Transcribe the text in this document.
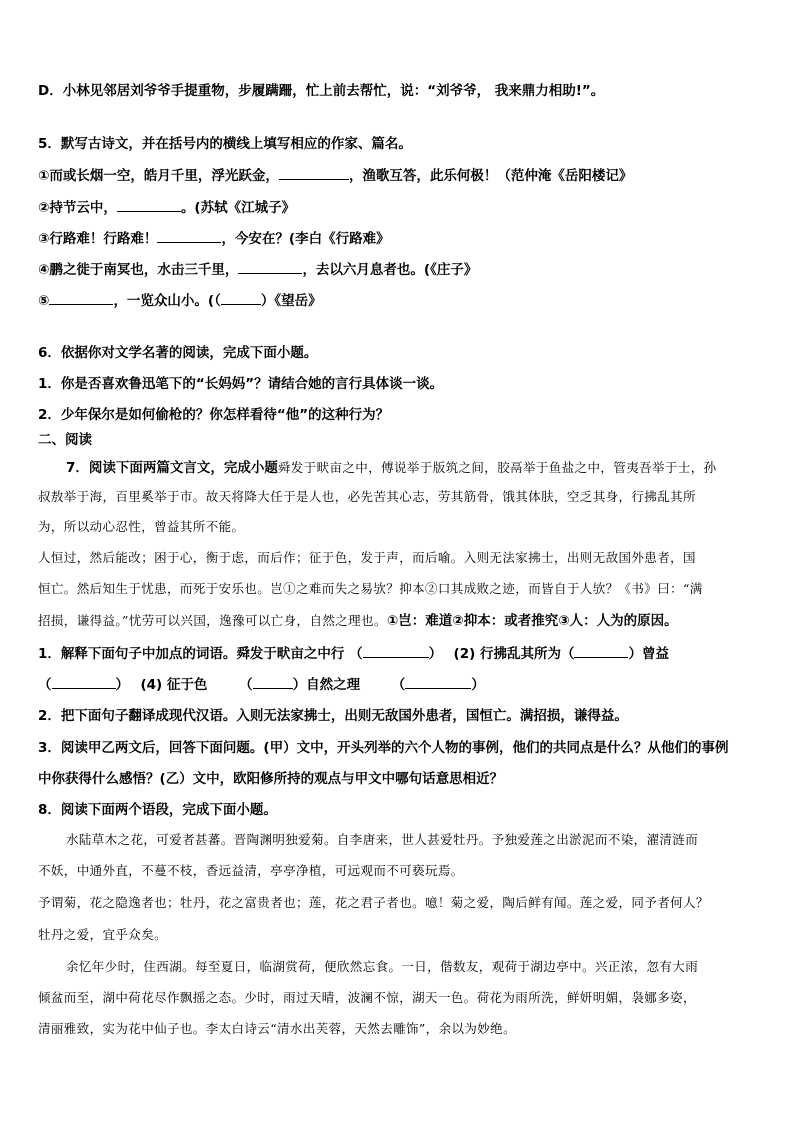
D．小林见邻居刘爷爷手提重物，步履蹒跚，忙上前去帮忙，说：“刘爷爷， 我来鼎力相助!”。
5．默写古诗文，并在括号内的横线上填写相应的作家、篇名。
①而或长烟一空，皓月千里，浮光跃金，	，渔歌互答，此乐何极！（范仲淹《岳阳楼记》
②持节云中，	。(苏轼《江城子》
③行路难！行路难！	，今安在？(李白《行路难》
④鹏之徙于南冥也，水击三千里，	，去以六月息者也。(《庄子》
⑤	，一览众山小。(（	）《望岳》
6．依据你对文学名著的阅读，完成下面小题。
1．你是否喜欢鲁迅笔下的“长妈妈”？请结合她的言行具体谈一谈。
2．少年保尔是如何偷枪的？你怎样看待“他”的这种行为？
二、阅读
7．阅读下面两篇文言文，完成小题舜发于畎亩之中，傅说举于版筑之间，胶鬲举于鱼盐之中，管夷吾举于士，孙
叔敖举于海，百里奚举于市。故天将降大任于是人也，必先苦其心志，劳其筋骨，饿其体肤，空乏其身，行拂乱其所
为，所以动心忍性，曾益其所不能。
人恒过，然后能改；困于心，衡于虑，而后作；征于色，发于声，而后喻。入则无法家拂士，出则无敌国外患者，国
恒亡。然后知生于忧患，而死于安乐也。岂①之难而失之易欤？抑本②口其成败之迹，而皆自于人欤？《书》曰：“满
招损，谦得益。”忧劳可以兴国，逸豫可以亡身，自然之理也。①岂：难道②抑本：或者推究③人：人为的原因。
1．解释下面句子中加点的词语。舜发于畎亩之中行 （	）　 (2) 行拂乱其所为（	）曾益
（	）　 (4) 征于色　　 （	）自然之理　　 （	）
2．把下面句子翻译成现代汉语。入则无法家拂士，出则无敌国外患者，国恒亡。满招损，谦得益。
3．阅读甲乙两文后，回答下面问题。(甲）文中，开头列举的六个人物的事例，他们的共同点是什么？从他们的事例
中你获得什么感悟？(乙）文中，欧阳修所持的观点与甲文中哪句话意思相近？
8．阅读下面两个语段，完成下面小题。
水陆草木之花，可爱者甚蕃。晋陶渊明独爱菊。自李唐来，世人甚爱牡丹。予独爱莲之出淤泥而不染，濯清涟而
不妖，中通外直，不蔓不枝，香远益清，亭亭净植，可远观而不可亵玩焉。
予谓菊，花之隐逸者也；牡丹，花之富贵者也；莲，花之君子者也。噫！菊之爱，陶后鲜有闻。莲之爱，同予者何人？
牡丹之爱，宜乎众矣。
余忆年少时，住西湖。每至夏日，临湖赏荷，便欣然忘食。一日，偕数友，观荷于湖边亭中。兴正浓，忽有大雨
倾盆而至，湖中荷花尽作飘摇之态。少时，雨过天晴，波澜不惊，湖天一色。荷花为雨所洗，鲜妍明媚，袅娜多姿，
清丽雅致，实为花中仙子也。李太白诗云“清水出芙蓉，天然去雕饰”，余以为妙绝。
